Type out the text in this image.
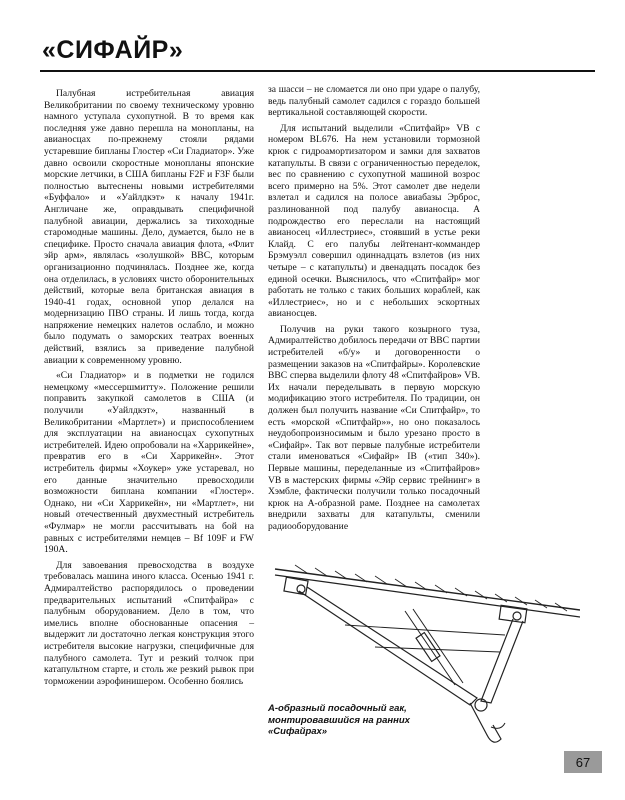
«СИФАЙР»

Палубная истребительная авиация Великобритании по своему техническому уровню намного уступала сухопутной. В то время как последняя уже давно перешла на монопланы, на авианосцах по-прежнему стояли рядами устаревшие бипланы Глостер «Си Гладиатор». Уже давно освоили скоростные монопланы японские морские летчики, в США бипланы F2F и F3F были полностью вытеснены новыми истребителями «Буффало» и «Уайлдкэт» к началу 1941г. Англичане же, оправдывать специфичной палубной авиации, держались за тихоходные старомодные машины. Дело, думается, было не в специфике. Просто сначала авиация флота, «Флит эйр арм», являлась «золушкой» ВВС, которым организационно подчинялась. Позднее же, когда она отделилась, в условиях чисто оборонительных действий, которые вела британская авиация в 1940-41 годах, основной упор делался на модернизацию ПВО страны. И лишь тогда, когда напряжение немецких налетов ослабло, и можно было подумать о заморских театрах военных действий, взялись за приведение палубной авиации к современному уровню.

«Си Гладиатор» и в подметки не годился немецкому «мессершмитту». Положение решили поправить закупкой самолетов в США (и получили «Уайлдкэт», названный в Великобритании «Мартлет») и приспособлением для эксплуатации на авианосцах сухопутных истребителей. Идею опробовали на «Харрикейне», превратив его в «Си Харрикейн». Этот истребитель фирмы «Хоукер» уже устаревал, но его данные значительно превосходили возможности биплана компании «Глостер». Однако, ни «Си Харрикейн», ни «Мартлет», ни новый отечественный двухместный истребитель «Фулмар» не могли рассчитывать на бой на равных с истребителями немцев – Bf 109F и FW 190A.

Для завоевания превосходства в воздухе требовалась машина иного класса. Осенью 1941 г. Адмиралтейство распорядилось о проведении предварительных испытаний «Спитфайра» с палубным оборудованием. Дело в том, что имелись вполне обоснованные опасения – выдержит ли достаточно легкая конструкция этого истребителя высокие нагрузки, специфичные для палубного самолета. Тут и резкий толчок при катапультном старте, и столь же резкий рывок при торможении аэрофинишером. Особенно боялись

за шасси – не сломается ли оно при ударе о палубу, ведь палубный самолет садился с гораздо большей вертикальной составляющей скорости.

Для испытаний выделили «Спитфайр» VB с номером BL676. На нем установили тормозной крюк с гидроамортизатором и замки для захватов катапульты. В связи с ограниченностью переделок, вес по сравнению с сухопутной машиной возрос всего примерно на 5%. Этот самолет две недели взлетал и садился на полосе авиабазы Эрброс, разлинованной под палубу авианосца. А подрождество его переслали на настоящий авианосец «Иллестриес», стоявший в устье реки Клайд. С его палубы лейтенант-коммандер Брэмуэлл совершил одиннадцать взлетов (из них четыре – с катапульты) и двенадцать посадок без единой осечки. Выяснилось, что «Спитфайр» мог работать не только с таких больших кораблей, как «Иллестриес», но и с небольших эскортных авианосцев.

Получив на руки такого козырного туза, Адмиралтейство добилось передачи от ВВС партии истребителей «б/у» и договоренности о размещении заказов на «Спитфайры». Королевские ВВС сперва выделили флоту 48 «Спитфайров» VB. Их начали переделывать в первую морскую модификацию этого истребителя. По традиции, он должен был получить название «Си Спитфайр», то есть «морской «Спитфайр»», но оно показалось неудобопроизносимым и было урезано просто в «Сифайр». Так вот первые палубные истребители стали именоваться «Сифайр» IB («тип 340»). Первые машины, переделанные из «Спитфайров» VB в мастерских фирмы «Эйр сервис трейнинг» в Хэмбле, фактически получили только посадочный крюк на А-образной раме. Позднее на самолетах внедрили захваты для катапульты, сменили радиооборудование

А-образный посадочный гак, монтировавшийся на ранних «Сифайрах»
67
